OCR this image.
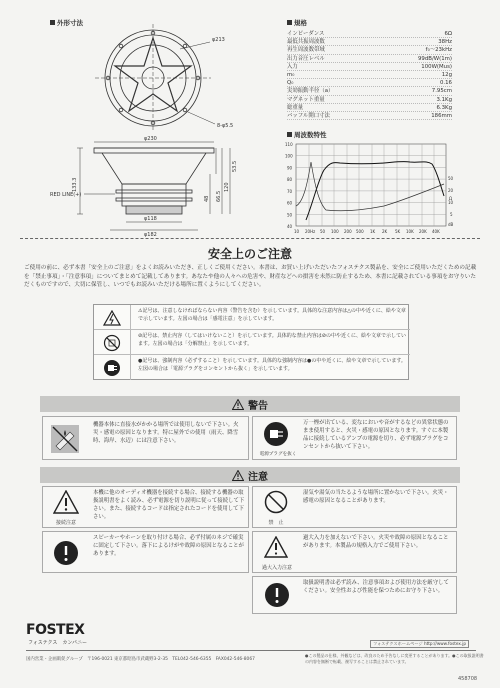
外形寸法
φ213
8-φ5.5
φ230
φ118
φ182
RED LINE(+)
133.3
48 66.5
120
53.5
規格
インピーダンス	6Ω
最低共振周波数	38Hz
再生周波数帯域	f₀〜23kHz
出力音圧レベル	99dB/W(1m)
入力	100W(Mus)
m₀	12g
Q₀	0.16
実効振動半径（a）	7.95cm
マグネット重量	3.1Kg
総重量	6.3Kg
バッフル開口寸法	186mm
周波数特性
110
100
90
80
70
60
50
40
10 20Hz 50 100 200 500 1K 2K 5K 10K 20K 40K
50
20
10
5
Ω
dB
安全上のご注意
ご使用の前に、必ず本書「安全上のご注意」をよくお読みいただき、正しくご使用ください。本書は、お買い上げいただいたフォステクス製品を、安全にご使用いただくための記載を「禁止事項」・「注意事項」についてまとめて記載してあります。あなたや他の人々への危害や、財産などへの損害を未然に防止するため、本書に記載されている事項をお守りいただくものですので、大切に保管し、いつでもお読みいただける場所に置くようにしてください。
⚠記号は、注意しなければならない内容（警告を含む）を示しています。具体的な注意内容は△の中や近くに、絵や文章で示しています。左図の場合は「感電注意」を示しています。
⊘記号は、禁止内容（してはいけないこと）を示しています。具体的な禁止内容は⊘の中や近くに、絵や文章で示しています。左図の場合は「分解禁止」を示しています。
●記号は、強制内容（必ずすること）を示しています。具体的な強制内容は●の中や近くに、絵や文章で示しています。左図の場合は「電源プラグをコンセントから抜く」を示しています。
警告
機器本体に直接水がかかる場所では使用しないで下さい。火災・感電の原因となります。特に屋外での使用（雨天、降雪時、海岸、水辺）には注意下さい。
電源プラグを抜く
万一煙が出ている、変なにおいや音がするなどの異常状態のまま使用すると、火災・感電の原因となります。すぐに本製品に接続しているアンプの電源を切り、必ず電源プラグをコンセントから抜いて下さい。
注意
接続注意
本機に他のオーディオ機器を接続する場合、接続する機器の取扱説明書をよく読み、必ず電源を切り説明に従って接続して下さい。また、接続するコードは指定されたコードを使用して下さい。
禁　止
湿気や湯気の当たるような場所に置かないで下さい。火災・感電の原因となることがあります。
スピーカーやホーンを取り付ける場合、必ず付属のネジで確実に固定して下さい。落下によるけがや故障の原因となることがあります。
過大入力注意
過大入力を加えないで下さい。火災や故障の原因となることがあります。本製品の規格入力でご使用下さい。
取扱説明書は必ず読み、注意事項および使用方法を厳守してください。安全性および性能を保つためにお守り下さい。
FOSTEX
フォステクス　カンパニー	フォステクスホームページ http://www.fostex.jp
国内営業・企画販促グループ　〒196-0021 東京都昭島市武蔵野3-2-35　TEL042-546-6355　FAX042-546-8067
●この製品の仕様、外観などは、改良のため予告なしに変更することがあります。●この取扱説明書の内容を無断で転載、複写することは禁止されています。
458708
